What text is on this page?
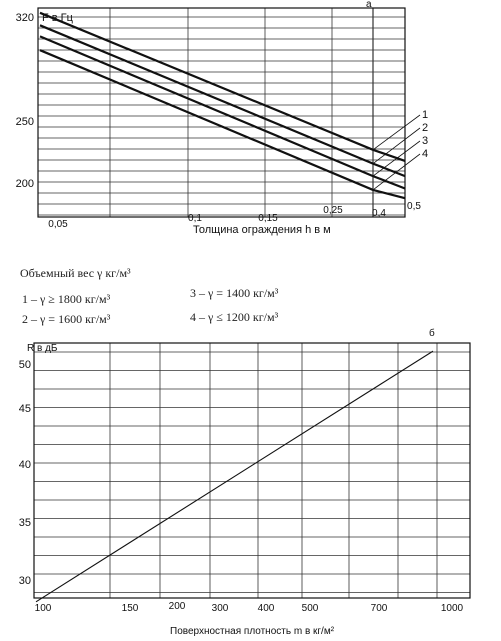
1
2
3
4
320
250
200
F в Гц
а
0,05
0,1	0,15
0,25	0,4
0,5
Толщина ограждения h в м
б
50
45
40
35
30
R в дБ
100	150	200	300	400	500	700	1000
Поверхностная плотность m в кг/м²
Объемный вес γ кг/м³
1 – γ ≥ 1800 кг/м³
2 – γ = 1600 кг/м³
3 – γ = 1400 кг/м³
4 – γ ≤ 1200 кг/м³
